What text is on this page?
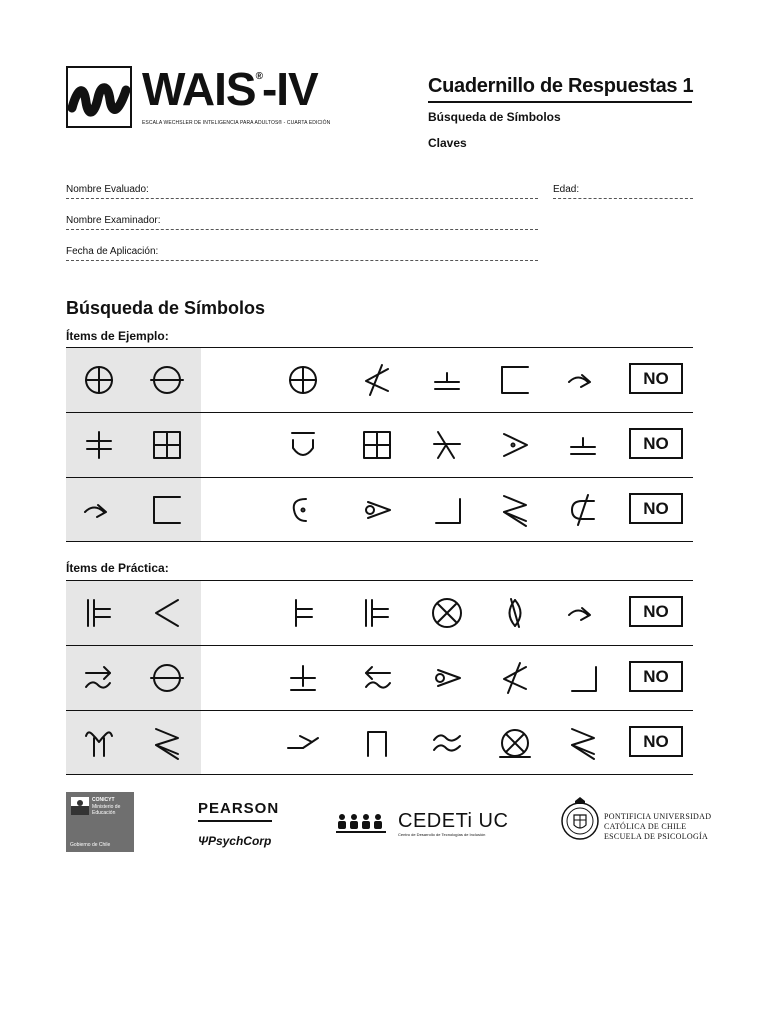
WAIS®-IV
ESCALA WECHSLER DE INTELIGENCIA PARA ADULTOS® - CUARTA EDICIÓN
Cuadernillo de Respuestas 1
Búsqueda de Símbolos
Claves
Nombre Evaluado:	Edad:
Nombre Examinador:
Fecha de Aplicación:
Búsqueda de Símbolos
Ítems de Ejemplo:
NO
NO
NO
Ítems de Práctica:
NO
NO
NO
CONICYT
Ministerio de Educación
Gobierno de Chile
PEARSON
ΨPsychCorp
CEDETi UC
Centro de Desarrollo de Tecnologías de Inclusión
PONTIFICIA UNIVERSIDAD
CATÓLICA DE CHILE
ESCUELA DE PSICOLOGÍA
